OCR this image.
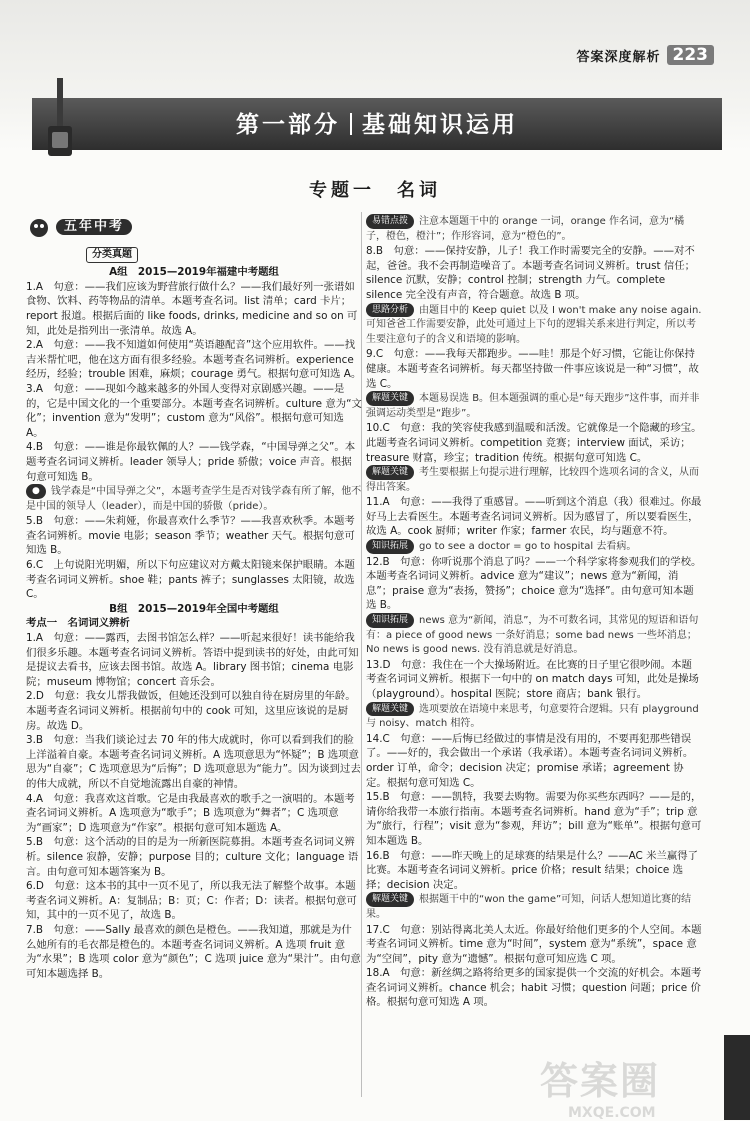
答案深度解析 223
第一部分 基础知识运用
专题一　名词
五年中考
分类真题

A组　2015—2019年福建中考题组

1.A　句意：——我们应该为野营旅行做什么？——我们最好列一张谱如食物、饮料、药等物品的清单。本题考查名词。list 清单；card 卡片；report 报道。根据后面的 like foods, drinks, medicine and so on 可知，此处是指列出一张清单。故选 A。

2.A　句意：——我不知道如何使用“英语趣配音”这个应用软件。——找吉米帮忙吧，他在这方面有很多经验。本题考查名词辨析。experience 经历，经验；trouble 困难，麻烦；courage 勇气。根据句意可知选 A。

3.A　句意：——现如今越来越多的外国人变得对京剧感兴趣。——是的，它是中国文化的一个重要部分。本题考查名词辨析。culture 意为“文化”；invention 意为“发明”；custom 意为“风俗”。根据句意可知选 A。

4.B　句意：——谁是你最钦佩的人？——钱学森，“中国导弹之父”。本题考查名词词义辨析。leader 领导人；pride 骄傲；voice 声音。根据句意可知选 B。

● 钱学森是“中国导弹之父”，本题考查学生是否对钱学森有所了解，他不是中国的领导人（leader），而是中国的骄傲（pride）。

5.B　句意：——朱莉娅，你最喜欢什么季节？——我喜欢秋季。本题考查名词辨析。movie 电影；season 季节；weather 天气。根据句意可知选 B。

6.C　上句说阳光明媚，所以下句应建议对方戴太阳镜来保护眼睛。本题考查名词词义辨析。shoe 鞋；pants 裤子；sunglasses 太阳镜，故选 C。

B组　2015—2019年全国中考题组

考点一　名词词义辨析

1.A　句意：——露西，去图书馆怎么样？——听起来很好！读书能给我们很多乐趣。本题考查名词词义辨析。答语中提到读书的好处，由此可知是提议去看书，应该去图书馆。故选 A。library 图书馆；cinema 电影院；museum 博物馆；concert 音乐会。

2.D　句意：我女儿帮我做饭，但她还没到可以独自待在厨房里的年龄。本题考查名词词义辨析。根据前句中的 cook 可知，这里应该说的是厨房。故选 D。

3.B　句意：当我们谈论过去 70 年的伟大成就时，你可以看到我们的脸上洋溢着自豪。本题考查名词词义辨析。A 选项意思为“怀疑”；B 选项意思为“自豪”；C 选项意思为“后悔”；D 选项意思为“能力”。因为谈到过去的伟大成就，所以不自觉地流露出自豪的神情。

4.A　句意：我喜欢这首歌。它是由我最喜欢的歌手之一演唱的。本题考查名词词义辨析。A 选项意为“歌手”；B 选项意为“舞者”；C 选项意为“画家”；D 选项意为“作家”。根据句意可知本题选 A。

5.B　句意：这个活动的目的是为一所新医院募捐。本题考查名词词义辨析。silence 寂静，安静；purpose 目的；culture 文化；language 语言。由句意可知本题答案为 B。

6.D　句意：这本书的其中一页不见了，所以我无法了解整个故事。本题考查名词义辨析。A：复制品；B：页；C：作者；D：读者。根据句意可知，其中的一页不见了，故选 B。

7.B　句意：——Sally 最喜欢的颜色是橙色。——我知道，那就是为什么她所有的毛衣都是橙色的。本题考查名词词义辨析。A 选项 fruit 意为“水果”；B 选项 color 意为“颜色”；C 选项 juice 意为“果汁”。由句意可知本题选择 B。

易错点拨 注意本题题干中的 orange 一词，orange 作名词，意为“橘子，橙色，橙汁”；作形容词，意为“橙色的”。

8.B　句意：——保持安静，儿子！我工作时需要完全的安静。——对不起，爸爸。我不会再制造噪音了。本题考查名词词义辨析。trust 信任；silence 沉默，安静；control 控制；strength 力气。complete silence 完全没有声音，符合题意。故选 B 项。

思路分析 由题目中的 Keep quiet 以及 I won't make any noise again. 可知爸爸工作需要安静，此处可通过上下句的逻辑关系来进行判定，所以考生要注意句子的含义和语境的影响。

9.C　句意：——我每天都跑步。——哇！那是个好习惯，它能让你保持健康。本题考查名词辨析。每天都坚持做一件事应该说是一种“习惯”，故选 C。

解题关键 本题易误选 B。但本题强调的重心是“每天跑步”这件事，而并非强调运动类型是“跑步”。

10.C　句意：我的笑容使我感到温暖和活泼。它就像是一个隐藏的珍宝。此题考查名词词义辨析。competition 竞赛；interview 面试，采访；treasure 财富，珍宝；tradition 传统。根据句意可知选 C。

解题关键 考生要根据上句提示进行理解，比较四个选项名词的含义，从而得出答案。

11.A　句意：——我得了重感冒。——听到这个消息（我）很难过。你最好马上去看医生。本题考查名词词义辨析。因为感冒了，所以要看医生，故选 A。cook 厨师；writer 作家；farmer 农民，均与题意不符。

知识拓展 go to see a doctor = go to hospital 去看病。

12.B　句意：你听说那个消息了吗？——一个科学家将参观我们的学校。本题考查名词词义辨析。advice 意为“建议”；news 意为“新闻，消息”；praise 意为“表扬，赞扬”；choice 意为“选择”。由句意可知本题选 B。

知识拓展 news 意为“新闻，消息”，为不可数名词，其常见的短语和语句有：a piece of good news 一条好消息；some bad news 一些坏消息；No news is good news. 没有消息就是好消息。

13.D　句意：我住在一个大操场附近。在比赛的日子里它很吵闹。本题考查名词词义辨析。根据下一句中的 on match days 可知，此处是操场（playground）。hospital 医院；store 商店；bank 银行。

解题关键 选项要放在语境中来思考，句意要符合逻辑。只有 playground 与 noisy、match 相符。

14.C　句意：——后悔已经做过的事情是没有用的，不要再犯那些错误了。——好的，我会做出一个承诺（我承诺）。本题考查名词词义辨析。order 订单，命令；decision 决定；promise 承诺；agreement 协定。根据句意可知选 C。

15.B　句意：——凯特，我要去购物。需要为你买些东西吗？——是的，请你给我带一本旅行指南。本题考查名词辨析。hand 意为“手”；trip 意为“旅行，行程”；visit 意为“参观，拜访”；bill 意为“账单”。根据句意可知本题选 B。

16.B　句意：——昨天晚上的足球赛的结果是什么？——AC 米兰赢得了比赛。本题考查名词词义辨析。price 价格；result 结果；choice 选择；decision 决定。

解题关键 根据题干中的“won the game”可知，问话人想知道比赛的结果。

17.C　句意：别站得离北美人太近。你最好给他们更多的个人空间。本题考查名词词义辨析。time 意为“时间”，system 意为“系统”，space 意为“空间”，pity 意为“遗憾”。根据句意可知应选 C 项。

18.A　句意：新丝绸之路将给更多的国家提供一个交流的好机会。本题考查名词词义辨析。chance 机会；habit 习惯；question 问题；price 价格。根据句意可知选 A 项。

答案圈
MXQE.COM
